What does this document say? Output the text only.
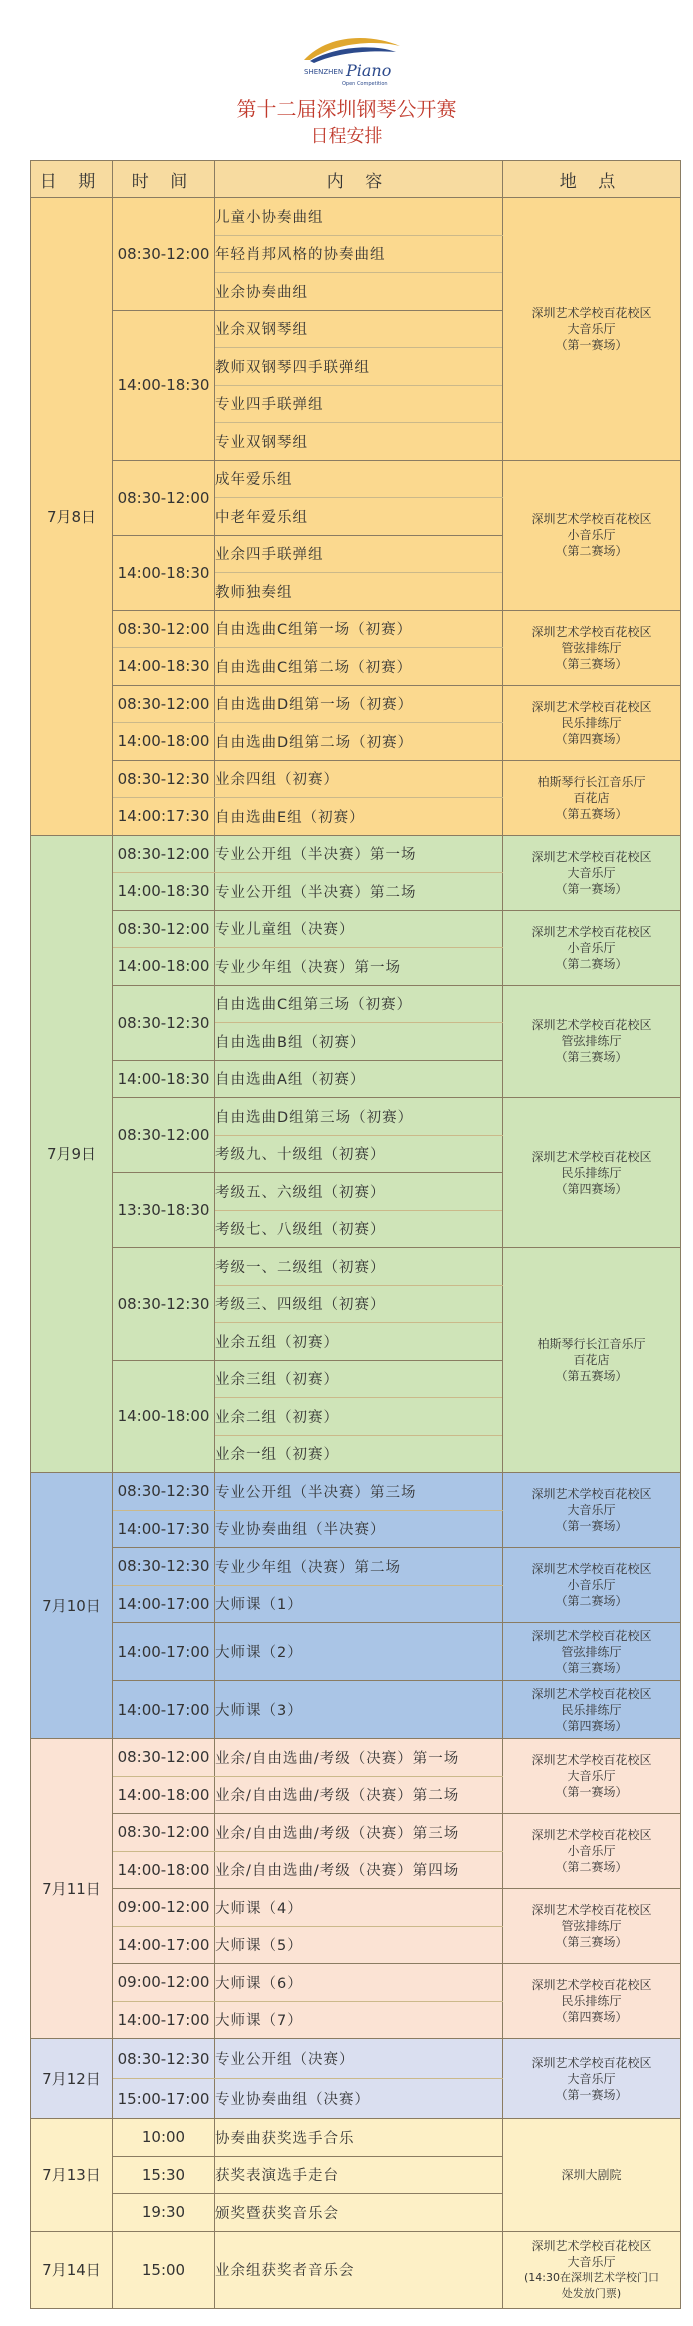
SHENZHEN Piano
Open Competition
第十二届深圳钢琴公开赛
日程安排
日 期	时 间	内 容	地 点
7月8日	08:30-12:00	儿童小协奏曲组	深圳艺术学校百花校区
大音乐厅
（第一赛场）

		年轻肖邦风格的协奏曲组	
		业余协奏曲组	
	14:00-18:30	业余双钢琴组	
		教师双钢琴四手联弹组	
		专业四手联弹组	
		专业双钢琴组	
	08:30-12:00	成年爱乐组	深圳艺术学校百花校区
小音乐厅
（第二赛场）

		中老年爱乐组	
	14:00-18:30	业余四手联弹组	
		教师独奏组	
	08:30-12:00	自由选曲C组第一场（初赛）	深圳艺术学校百花校区
管弦排练厅
（第三赛场）

	14:00-18:30	自由选曲C组第二场（初赛）	
	08:30-12:00	自由选曲D组第一场（初赛）	深圳艺术学校百花校区
民乐排练厅
（第四赛场）

	14:00-18:00	自由选曲D组第二场（初赛）	
	08:30-12:30	业余四组（初赛）	柏斯琴行长江音乐厅
百花店
（第五赛场）

	14:00:17:30	自由选曲E组（初赛）	
7月9日	08:30-12:00	专业公开组（半决赛）第一场	深圳艺术学校百花校区
大音乐厅
（第一赛场）

	14:00-18:30	专业公开组（半决赛）第二场	
	08:30-12:00	专业儿童组（决赛）	深圳艺术学校百花校区
小音乐厅
（第二赛场）

	14:00-18:00	专业少年组（决赛）第一场	
	08:30-12:30	自由选曲C组第三场（初赛）	深圳艺术学校百花校区
管弦排练厅
（第三赛场）

		自由选曲B组（初赛）	
	14:00-18:30	自由选曲A组（初赛）	
	08:30-12:00	自由选曲D组第三场（初赛）	深圳艺术学校百花校区
民乐排练厅
（第四赛场）

		考级九、十级组（初赛）	
	13:30-18:30	考级五、六级组（初赛）	
		考级七、八级组（初赛）	
	08:30-12:30	考级一、二级组（初赛）	柏斯琴行长江音乐厅
百花店
（第五赛场）

		考级三、四级组（初赛）	
		业余五组（初赛）	
	14:00-18:00	业余三组（初赛）	
		业余二组（初赛）	
		业余一组（初赛）	
7月10日	08:30-12:30	专业公开组（半决赛）第三场	深圳艺术学校百花校区
大音乐厅
（第一赛场）

	14:00-17:30	专业协奏曲组（半决赛）	
	08:30-12:30	专业少年组（决赛）第二场	深圳艺术学校百花校区
小音乐厅
（第二赛场）

	14:00-17:00	大师课（1）	
	14:00-17:00	大师课（2）	深圳艺术学校百花校区
管弦排练厅
（第三赛场）

	14:00-17:00	大师课（3）	深圳艺术学校百花校区
民乐排练厅
（第四赛场）

7月11日	08:30-12:00	业余/自由选曲/考级（决赛）第一场	深圳艺术学校百花校区
大音乐厅
（第一赛场）

	14:00-18:00	业余/自由选曲/考级（决赛）第二场	
	08:30-12:00	业余/自由选曲/考级（决赛）第三场	深圳艺术学校百花校区
小音乐厅
（第二赛场）

	14:00-18:00	业余/自由选曲/考级（决赛）第四场	
	09:00-12:00	大师课（4）	深圳艺术学校百花校区
管弦排练厅
（第三赛场）

	14:00-17:00	大师课（5）	
	09:00-12:00	大师课（6）	深圳艺术学校百花校区
民乐排练厅
（第四赛场）

	14:00-17:00	大师课（7）	
7月12日	08:30-12:30	专业公开组（决赛）	深圳艺术学校百花校区
大音乐厅
（第一赛场）

	15:00-17:00	专业协奏曲组（决赛）	
7月13日	10:00	协奏曲获奖选手合乐	深圳大剧院

	15:30	获奖表演选手走台	
	19:30	颁奖暨获奖音乐会	
7月14日	15:00	业余组获奖者音乐会	深圳艺术学校百花校区
大音乐厅
(14:30在深圳艺术学校门口
处发放门票)
